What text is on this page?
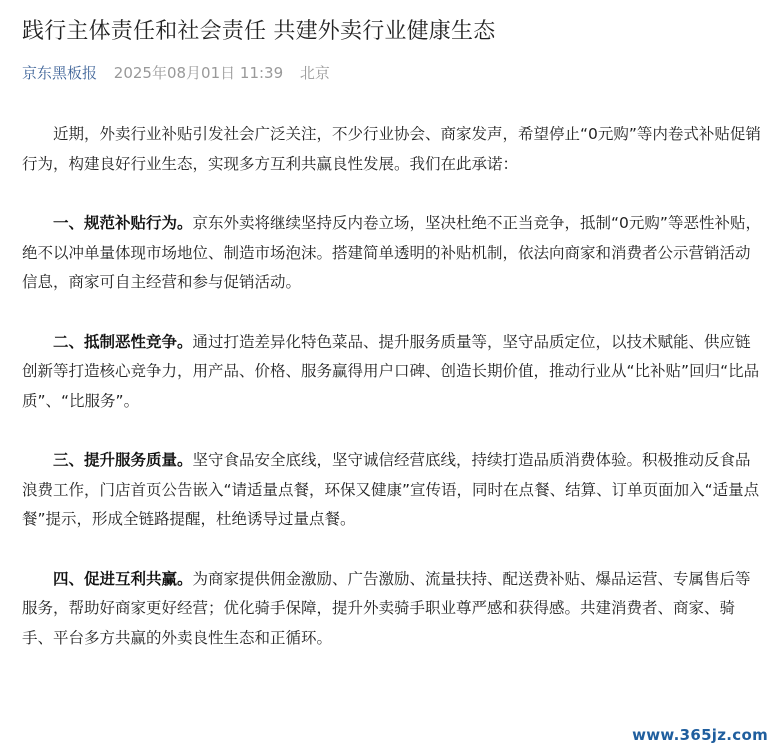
践行主体责任和社会责任 共建外卖行业健康生态
京东黑板报 2025年08月01日 11:39 北京

近期，外卖行业补贴引发社会广泛关注，不少行业协会、商家发声，希望停止“0元购”等内卷式补贴促销行为，构建良好行业生态，实现多方互利共赢良性发展。我们在此承诺：

一、规范补贴行为。京东外卖将继续坚持反内卷立场，坚决杜绝不正当竞争，抵制“0元购”等恶性补贴，绝不以冲单量体现市场地位、制造市场泡沫。搭建简单透明的补贴机制，依法向商家和消费者公示营销活动信息，商家可自主经营和参与促销活动。

二、抵制恶性竞争。通过打造差异化特色菜品、提升服务质量等，坚守品质定位，以技术赋能、供应链创新等打造核心竞争力，用产品、价格、服务赢得用户口碑、创造长期价值，推动行业从“比补贴”回归“比品质”、“比服务”。

三、提升服务质量。坚守食品安全底线，坚守诚信经营底线，持续打造品质消费体验。积极推动反食品浪费工作，门店首页公告嵌入“请适量点餐，环保又健康”宣传语，同时在点餐、结算、订单页面加入“适量点餐”提示，形成全链路提醒，杜绝诱导过量点餐。

四、促进互利共赢。为商家提供佣金激励、广告激励、流量扶持、配送费补贴、爆品运营、专属售后等服务，帮助好商家更好经营；优化骑手保障，提升外卖骑手职业尊严感和获得感。共建消费者、商家、骑手、平台多方共赢的外卖良性生态和正循环。

www.365jz.com
